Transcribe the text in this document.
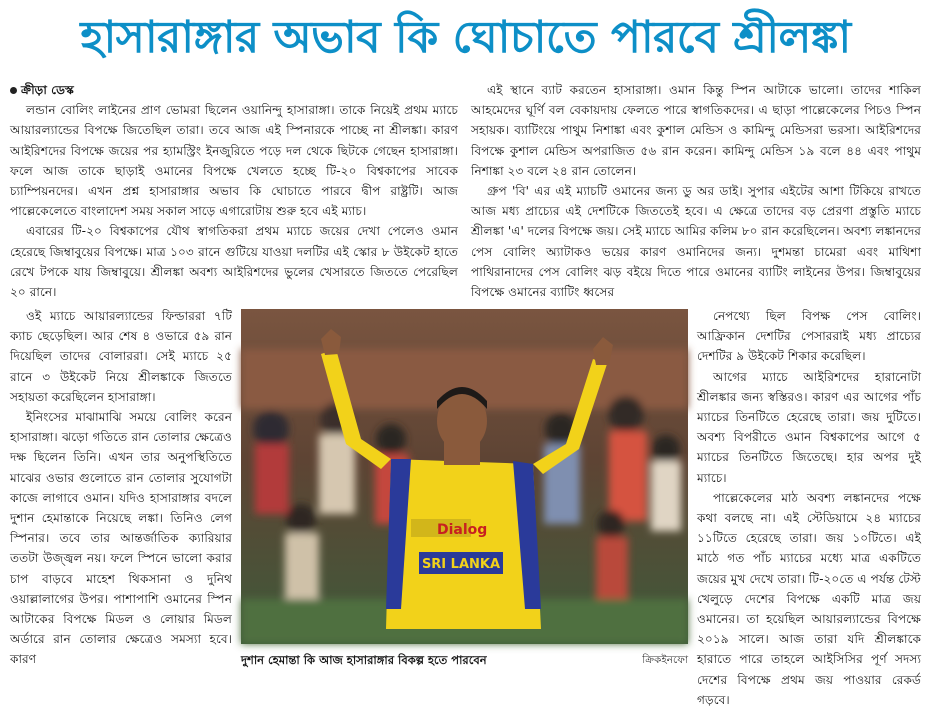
হাসারাঙ্গার অভাব কি ঘোচাতে পারবে শ্রীলঙ্কা

ক্রীড়া ডেস্ক

লন্ডান বোলিং লাইনের প্রাণ ভোমরা ছিলেন ওয়ানিন্দু হাসারাঙ্গা। তাকে নিয়েই প্রথম ম্যাচে আয়ারল্যান্ডের বিপক্ষে জিতেছিল তারা। তবে আজ এই স্পিনারকে পাচ্ছে না শ্রীলঙ্কা। কারণ আইরিশদের বিপক্ষে জয়ের পর হ্যামস্ট্রিং ইনজুরিতে পড়ে দল থেকে ছিটকে গেছেন হাসারাঙ্গা। ফলে আজ তাকে ছাড়াই ওমানের বিপক্ষে খেলতে হচ্ছে টি-২০ বিশ্বকাপের সাবেক চ্যাম্পিয়নদের। এখন প্রশ্ন হাসারাঙ্গার অভাব কি ঘোচাতে পারবে দ্বীপ রাষ্ট্রটি। আজ পাল্লেকেলেতে বাংলাদেশ সময় সকাল সাড়ে এগারোটায় শুরু হবে এই ম্যাচ।

এবারের টি-২০ বিশ্বকাপের যৌথ স্বাগতিকরা প্রথম ম্যাচে জয়ের দেখা পেলেও ওমান হেরেছে জিম্বাবুয়ের বিপক্ষে। মাত্র ১০৩ রানে গুটিয়ে যাওয়া দলটির এই স্কোর ৮ উইকেট হাতে রেখে টপকে যায় জিম্বাবুয়ে। শ্রীলঙ্কা অবশ্য আইরিশদের ভুলের খেসারতে জিততে পেরেছিল ২০ রানে।

ওই ম্যাচে আয়ারল্যান্ডের ফিল্ডাররা ৭টি ক্যাচ ছেড়েছিল। আর শেষ ৪ ওভারে ৫৯ রান দিয়েছিল তাদের বোলাররা। সেই ম্যাচে ২৫ রানে ৩ উইকেট নিয়ে শ্রীলঙ্কাকে জিততে সহায়তা করেছিলেন হাসারাঙ্গা।

ইনিংসের মাঝামাঝি সময়ে বোলিং করেন হাসারাঙ্গা। ঝড়ো গতিতে রান তোলার ক্ষেত্রেও দক্ষ ছিলেন তিনি। এখন তার অনুপস্থিতিতে মাঝের ওভার গুলোতে রান তোলার সুযোগটা কাজে লাগাবে ওমান। যদিও হাসারাঙ্গার বদলে দুশান হেমান্তাকে নিয়েছে লঙ্কা। তিনিও লেগ স্পিনার। তবে তার আন্তর্জাতিক ক্যারিয়ার ততটা উজ্জ্বল নয়। ফলে স্পিনে ভালো করার চাপ বাড়বে মাহেশ থিকসানা ও দুনিথ ওয়াল্লালাগের উপর। পাশাপাশি ওমানের স্পিন আটাকের বিপক্ষে মিডল ও লোয়ার মিডল অর্ডারে রান তোলার ক্ষেত্রেও সমস্যা হবে। কারণ

এই স্থানে ব্যাট করতেন হাসারাঙ্গা। ওমান কিন্তু স্পিন আটাকে ভালো। তাদের শাকিল আহমেদের ঘূর্ণি বল বেকায়দায় ফেলতে পারে স্বাগতিকদের। এ ছাড়া পাল্লেকেলের পিচও স্পিন সহায়ক। ব্যাটিংয়ে পাথুম নিশাঙ্কা এবং কুশাল মেন্ডিস ও কামিন্দু মেন্ডিসরা ভরসা। আইরিশদের বিপক্ষে কুশাল মেন্ডিস অপরাজিত ৫৬ রান করেন। কামিন্দু মেন্ডিস ১৯ বলে ৪৪ এবং পাথুম নিশাঙ্কা ২৩ বলে ২৪ রান তোলেন।

গ্রুপ 'বি' এর এই ম্যাচটি ওমানের জন্য ডু অর ডাই। সুপার এইটের আশা টিকিয়ে রাখতে আজ মধ্য প্রাচ্যের এই দেশটিকে জিততেই হবে। এ ক্ষেত্রে তাদের বড় প্রেরণা প্রস্তুতি ম্যাচে শ্রীলঙ্কা 'এ' দলের বিপক্ষে জয়। সেই ম্যাচে আমির কলিম ৮০ রান করেছিলেন। অবশ্য লঙ্কানদের পেস বোলিং অ্যাটাকও ভয়ের কারণ ওমানিদের জন্য। দুশমন্তা চামেরা এবং মাথিশা পাথিরানাদের পেস বোলিং ঝড় বইয়ে দিতে পারে ওমানের ব্যাটিং লাইনের উপর। জিম্বাবুয়ের বিপক্ষে ওমানের ব্যাটিং ধ্বসের

নেপথ্যে ছিল বিপক্ষ পেস বোলিং। আফ্রিকান দেশটির পেসাররাই মধ্য প্রাচ্যের দেশটির ৯ উইকেট শিকার করেছিল।

আগের ম্যাচে আইরিশদের হারানোটা শ্রীলঙ্কার জন্য স্বস্তিরও। কারণ এর আগের পাঁচ ম্যাচের তিনটিতে হেরেছে তারা। জয় দুটিতে। অবশ্য বিপরীতে ওমান বিশ্বকাপের আগে ৫ ম্যাচের তিনটিতে জিতেছে। হার অপর দুই ম্যাচে।

পাল্লেকেলের মাঠ অবশ্য লঙ্কানদের পক্ষে কথা বলছে না। এই স্টেডিয়ামে ২৪ ম্যাচের ১১টিতে হেরেছে তারা। জয় ১০টিতে। এই মাঠে গত পাঁচ ম্যাচের মধ্যে মাত্র একটিতে জয়ের মুখ দেখে তারা। টি-২০তে এ পর্যন্ত টেস্ট খেলুড়ে দেশের বিপক্ষে একটি মাত্র জয় ওমানের। তা হয়েছিল আয়ারল্যান্ডের বিপক্ষে ২০১৯ সালে। আজ তারা যদি শ্রীলঙ্কাকে হারাতে পারে তাহলে আইসিসির পূর্ণ সদস্য দেশের বিপক্ষে প্রথম জয় পাওয়ার রেকর্ড গড়বে।

Dialog
SRI LANKA
দুশান হেমান্তা কি আজ হাসারাঙ্গার বিকল্প হতে পারবেন	ক্রিকইনফো
